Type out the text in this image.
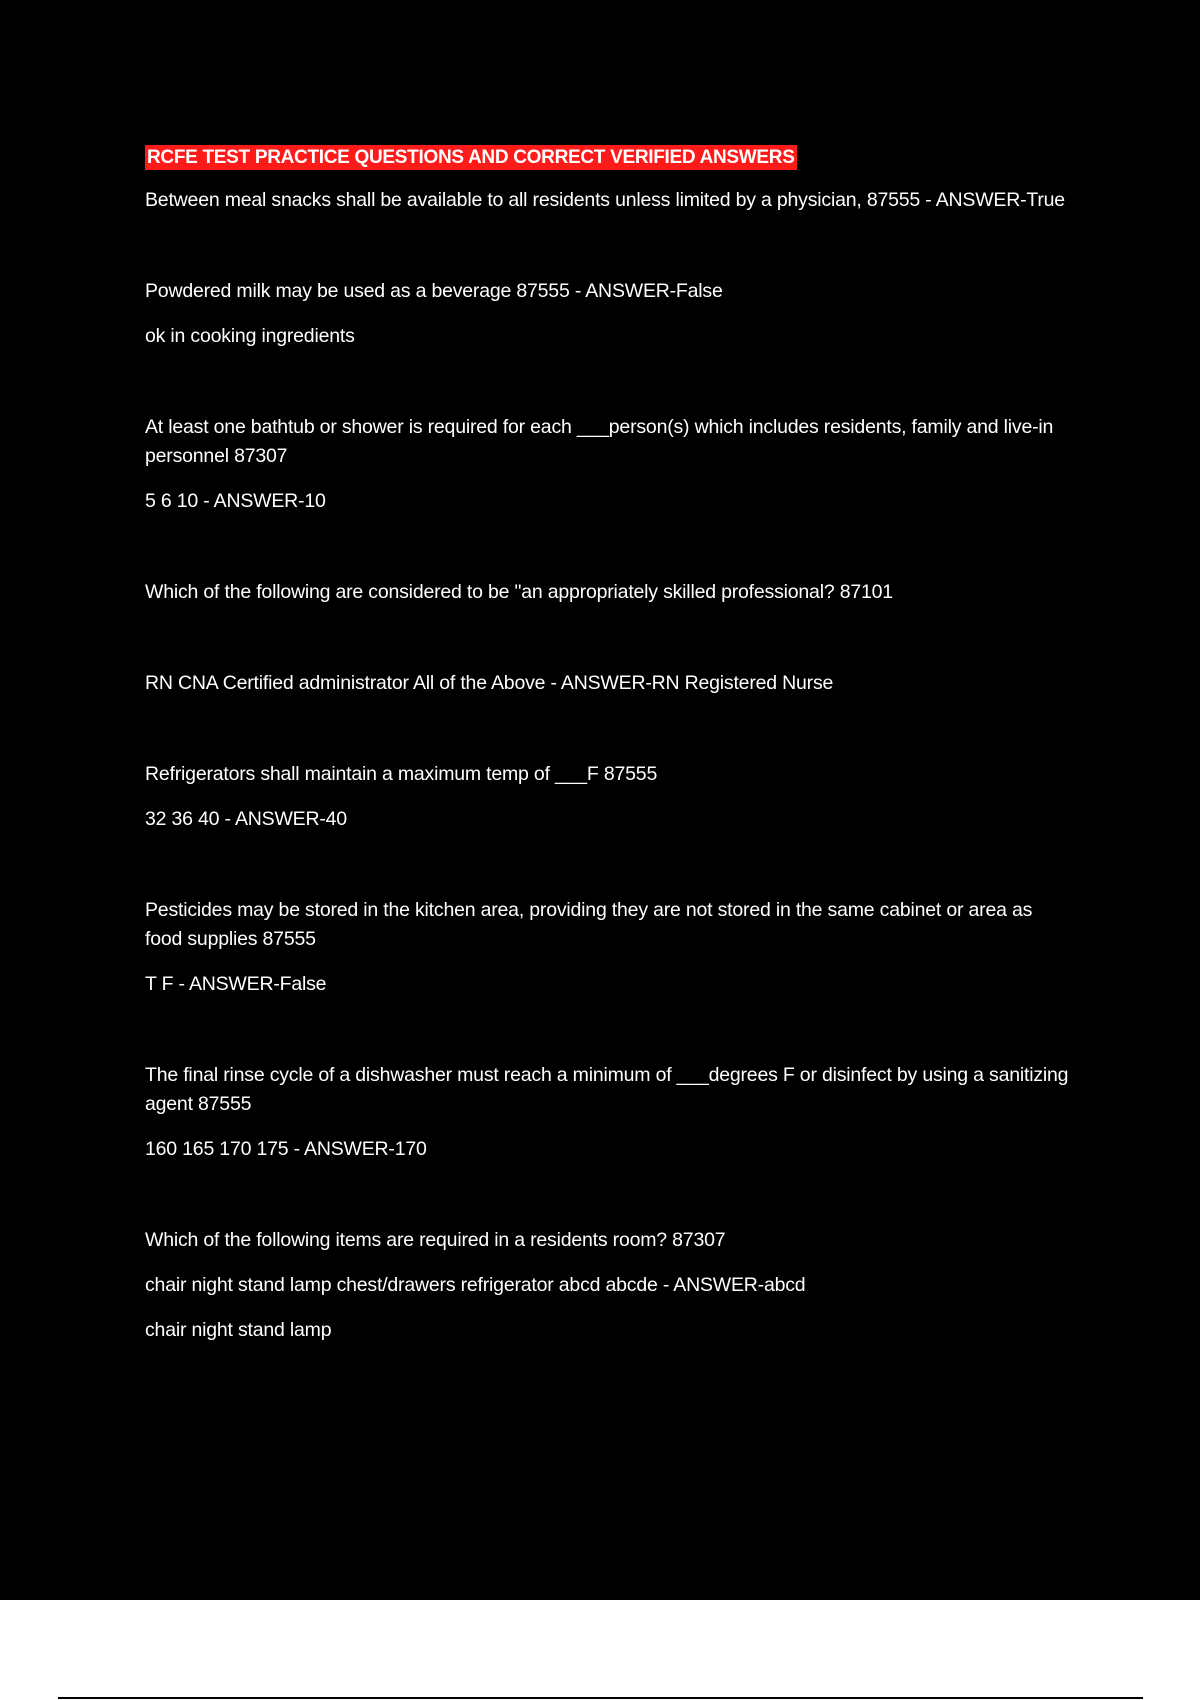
RCFE TEST PRACTICE QUESTIONS AND CORRECT VERIFIED ANSWERS
Between meal snacks shall be available to all residents unless limited by a physician, 87555 - ANSWER-True
Powdered milk may be used as a beverage 87555 - ANSWER-False
ok in cooking ingredients
At least one bathtub or shower is required for each ___person(s) which includes residents, family and live-in personnel 87307
5 6 10 - ANSWER-10
Which of the following are considered to be "an appropriately skilled professional? 87101
RN CNA Certified administrator All of the Above - ANSWER-RN Registered Nurse
Refrigerators shall maintain a maximum temp of ___F 87555
32 36 40 - ANSWER-40
Pesticides may be stored in the kitchen area, providing they are not stored in the same cabinet or area as food supplies 87555
T F - ANSWER-False
The final rinse cycle of a dishwasher must reach a minimum of ___degrees F or disinfect by using a sanitizing agent 87555
160 165 170 175 - ANSWER-170
Which of the following items are required in a residents room? 87307
chair night stand lamp chest/drawers refrigerator abcd abcde - ANSWER-abcd
chair night stand lamp
